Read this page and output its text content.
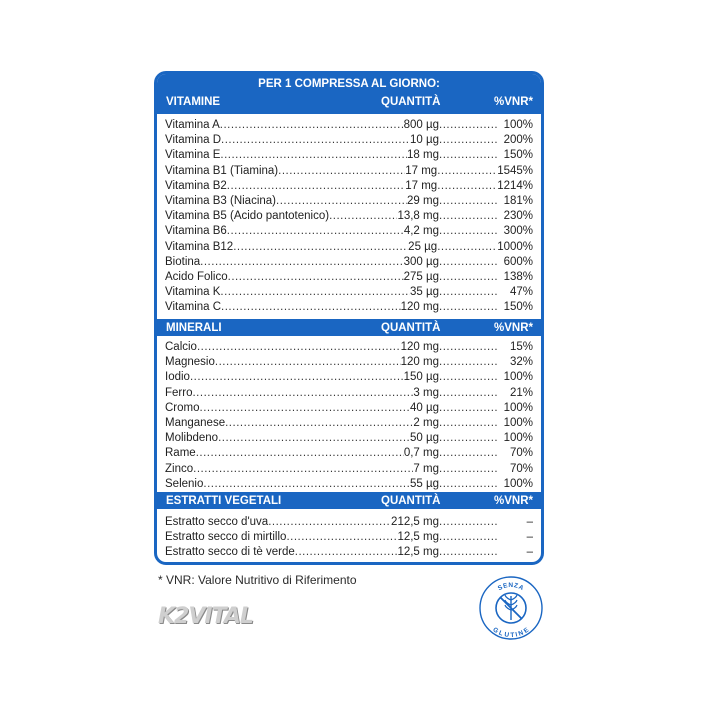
PER 1 COMPRESSA AL GIORNO:
VITAMINE	QUANTITÀ	%VNR*
Vitamina A .....	800 µg .....	100%
Vitamina D .....	10 µg .....	200%
Vitamina E .....	18 mg .....	150%
Vitamina B1 (Tiamina) .....	17 mg .....	1545%
Vitamina B2 .....	17 mg .....	1214%
Vitamina B3 (Niacina) .....	29 mg .....	181%
Vitamina B5 (Acido pantotenico) .....	13,8 mg .....	230%
Vitamina B6 .....	4,2 mg .....	300%
Vitamina B12 .....	25 µg .....	1000%
Biotina .....	300 µg .....	600%
Acido Folico .....	275 µg .....	138%
Vitamina K .....	35 µg .....	47%
Vitamina C .....	120 mg .....	150%
MINERALI	QUANTITÀ	%VNR*
Calcio .....	120 mg .....	15%
Magnesio .....	120 mg .....	32%
Iodio .....	150 µg .....	100%
Ferro .....	3 mg .....	21%
Cromo .....	40 µg .....	100%
Manganese .....	2 mg .....	100%
Molibdeno .....	50 µg .....	100%
Rame .....	0,7 mg .....	70%
Zinco .....	7 mg .....	70%
Selenio .....	55 µg .....	100%
ESTRATTI VEGETALI	QUANTITÀ	%VNR*
Estratto secco d'uva .....	212,5 mg .....	–
Estratto secco di mirtillo .....	12,5 mg .....	–
Estratto secco di tè verde .....	12,5 mg .....	–
* VNR: Valore Nutritivo di Riferimento
K2VITAL
SENZA
GLUTINE
